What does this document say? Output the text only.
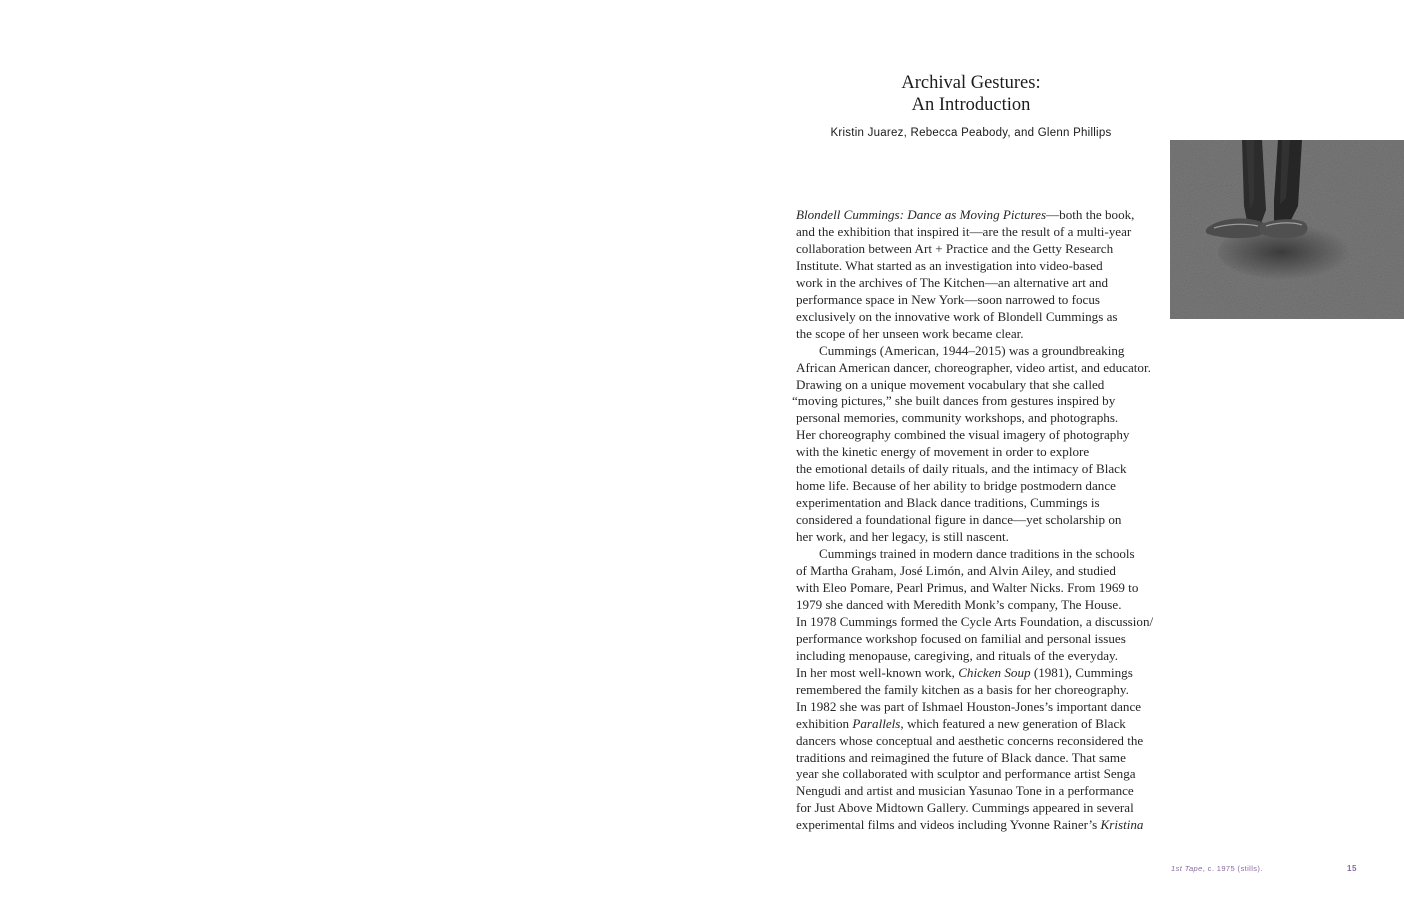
Archival Gestures:
An Introduction
Kristin Juarez, Rebecca Peabody, and Glenn Phillips
Blondell Cummings: Dance as Moving Pictures—both the book,
and the exhibition that inspired it—are the result of a multi-year
collaboration between Art + Practice and the Getty Research
Institute. What started as an investigation into video-based
work in the archives of The Kitchen—an alternative art and
performance space in New York—soon narrowed to focus
exclusively on the innovative work of Blondell Cummings as
the scope of her unseen work became clear.
Cummings (American, 1944–2015) was a groundbreaking
African American dancer, choreographer, video artist, and educator.
Drawing on a unique movement vocabulary that she called
“moving pictures,” she built dances from gestures inspired by
personal memories, community workshops, and photographs.
Her choreography combined the visual imagery of photography
with the kinetic energy of movement in order to explore
the emotional details of daily rituals, and the intimacy of Black
home life. Because of her ability to bridge postmodern dance
experimentation and Black dance traditions, Cummings is
considered a foundational figure in dance—yet scholarship on
her work, and her legacy, is still nascent.
Cummings trained in modern dance traditions in the schools
of Martha Graham, José Limón, and Alvin Ailey, and studied
with Eleo Pomare, Pearl Primus, and Walter Nicks. From 1969 to
1979 she danced with Meredith Monk’s company, The House.
In 1978 Cummings formed the Cycle Arts Foundation, a discussion/
performance workshop focused on familial and personal issues
including menopause, caregiving, and rituals of the everyday.
In her most well-known work, Chicken Soup (1981), Cummings
remembered the family kitchen as a basis for her choreography.
In 1982 she was part of Ishmael Houston-Jones’s important dance
exhibition Parallels, which featured a new generation of Black
dancers whose conceptual and aesthetic concerns reconsidered the
traditions and reimagined the future of Black dance. That same
year she collaborated with sculptor and performance artist Senga
Nengudi and artist and musician Yasunao Tone in a performance
for Just Above Midtown Gallery. Cummings appeared in several
experimental films and videos including Yvonne Rainer’s Kristina
1st Tape, c. 1975 (stills).	15
